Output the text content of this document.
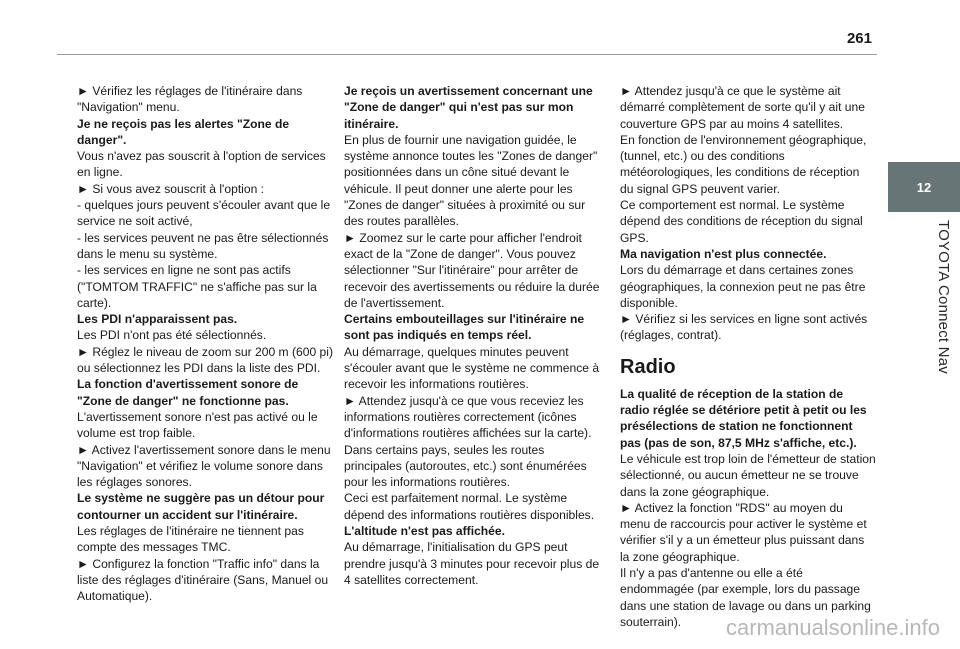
261
12
TOYOTA Connect Nav

► Vérifiez les réglages de l'itinéraire dans "Navigation" menu.

Je ne reçois pas les alertes "Zone de danger".

Vous n'avez pas souscrit à l'option de services en ligne.

► Si vous avez souscrit à l'option :

- quelques jours peuvent s'écouler avant que le service ne soit activé,

- les services peuvent ne pas être sélectionnés dans le menu su système.

- les services en ligne ne sont pas actifs ("TOMTOM TRAFFIC" ne s'affiche pas sur la carte).

Les PDI n'apparaissent pas.

Les PDI n'ont pas été sélectionnés.

► Réglez le niveau de zoom sur 200 m (600 pi) ou sélectionnez les PDI dans la liste des PDI.

La fonction d'avertissement sonore de "Zone de danger" ne fonctionne pas.

L'avertissement sonore n'est pas activé ou le volume est trop faible.

► Activez l'avertissement sonore dans le menu "Navigation" et vérifiez le volume sonore dans les réglages sonores.

Le système ne suggère pas un détour pour contourner un accident sur l'itinéraire.

Les réglages de l'itinéraire ne tiennent pas compte des messages TMC.

► Configurez la fonction "Traffic info" dans la liste des réglages d'itinéraire (Sans, Manuel ou Automatique).

Je reçois un avertissement concernant une "Zone de danger" qui n'est pas sur mon itinéraire.

En plus de fournir une navigation guidée, le système annonce toutes les "Zones de danger" positionnées dans un cône situé devant le véhicule. Il peut donner une alerte pour les "Zones de danger" situées à proximité ou sur des routes parallèles.

► Zoomez sur le carte pour afficher l'endroit exact de la "Zone de danger". Vous pouvez sélectionner "Sur l'itinéraire" pour arrêter de recevoir des avertissements ou réduire la durée de l'avertissement.

Certains embouteillages sur l'itinéraire ne sont pas indiqués en temps réel.

Au démarrage, quelques minutes peuvent s'écouler avant que le système ne commence à recevoir les informations routières.

► Attendez jusqu'à ce que vous receviez les informations routières correctement (icônes d'informations routières affichées sur la carte).

Dans certains pays, seules les routes principales (autoroutes, etc.) sont énumérées pour les informations routières.

Ceci est parfaitement normal. Le système dépend des informations routières disponibles.

L'altitude n'est pas affichée.

Au démarrage, l'initialisation du GPS peut prendre jusqu'à 3 minutes pour recevoir plus de 4 satellites correctement.

► Attendez jusqu'à ce que le système ait démarré complètement de sorte qu'il y ait une couverture GPS par au moins 4 satellites.

En fonction de l'environnement géographique, (tunnel, etc.) ou des conditions météorologiques, les conditions de réception du signal GPS peuvent varier.

Ce comportement est normal. Le système dépend des conditions de réception du signal GPS.

Ma navigation n'est plus connectée.

Lors du démarrage et dans certaines zones géographiques, la connexion peut ne pas être disponible.

► Vérifiez si les services en ligne sont activés (réglages, contrat).

Radio

La qualité de réception de la station de radio réglée se détériore petit à petit ou les présélections de station ne fonctionnent pas (pas de son, 87,5 MHz s'affiche, etc.).

Le véhicule est trop loin de l'émetteur de station sélectionné, ou aucun émetteur ne se trouve dans la zone géographique.

► Activez la fonction "RDS" au moyen du menu de raccourcis pour activer le système et vérifier s'il y a un émetteur plus puissant dans la zone géographique.

Il n'y a pas d'antenne ou elle a été endommagée (par exemple, lors du passage dans une station de lavage ou dans un parking souterrain).	carmanualsonline.info
